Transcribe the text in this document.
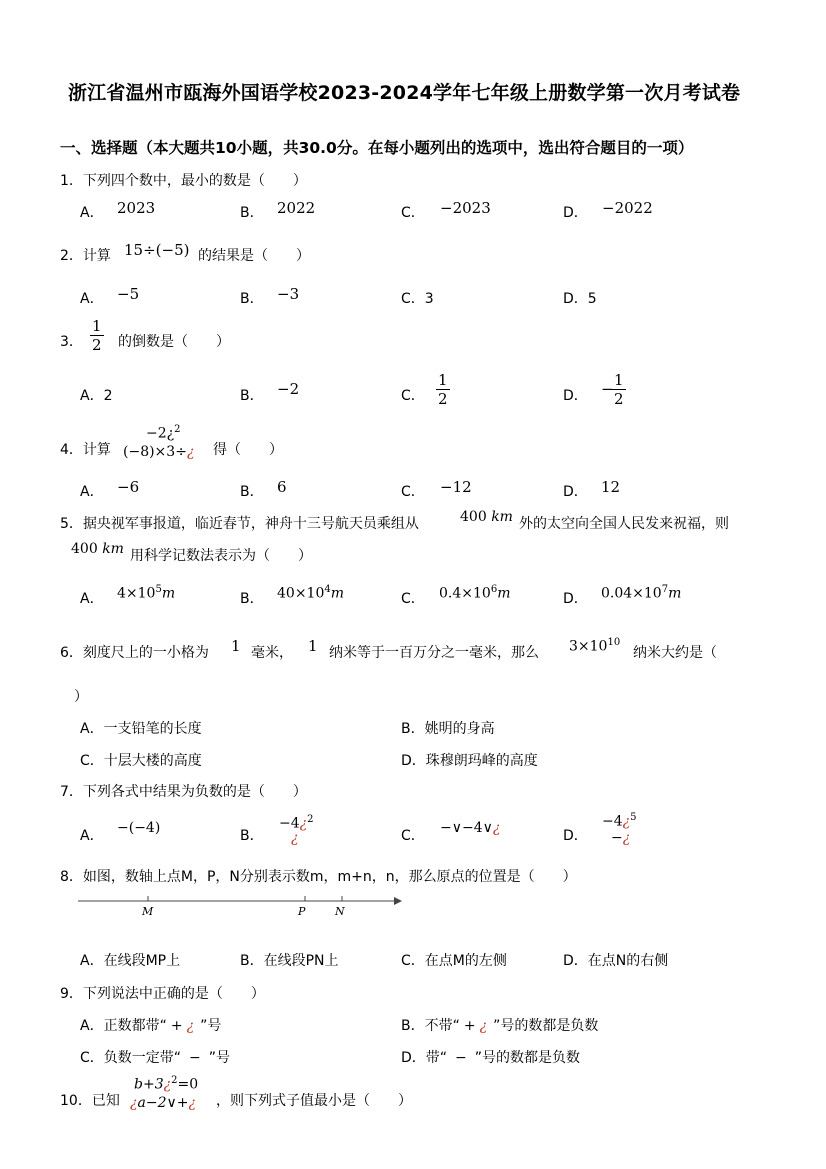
浙江省温州市瓯海外国语学校2023-2024学年七年级上册数学第一次月考试卷
一、选择题（本大题共10小题，共30.0分。在每小题列出的选项中，选出符合题目的一项）
1．下列四个数中，最小的数是（　　）
A． 2023	B． 2022	C． −2023	D． −2022
2．计算 15÷(−5) 的结果是（　　）
A． −5	B． −3	C．3	D．5
3． $\frac{1}{2}$ 的倒数是（　　）
A．2	B． −2	C． $\frac{1}{2}$	D． −
$\frac{1}{2}$
4．计算
−2¿$^2$
(−8)×3÷¿ 得（　　）
A． −6	B． 6	C． −12	D． 12
5．据央视军事报道，临近春节，神舟十三号航天员乘组从	400 km 外的太空向全国人民发来祝福，则
400 km 用科学记数法表示为（　　）
A． $4\times 10^5m$	B． $40\times 10^4m$	C． $0.4\times 10^6m$	D． $0.04\times 10^7m$
6．刻度尺上的一小格为 1 毫米， 1 纳米等于一百万分之一毫米，那么 $3\times 10^{10}$
纳米大约是（
）
A．一支铅笔的长度	B．姚明的身高
C．十层大楼的高度	D．珠穆朗玛峰的高度
7．下列各式中结果为负数的是（　　）
A． −(−4)	B．
−4¿$^2$
¿	C． −∨−4∨¿	D．
−4¿$^5$
−¿
8．如图，数轴上点M，P，N分别表示数m，m+n，n，那么原点的位置是（　　）
M	P	N
A．在线段MP上	B．在线段PN上	C．在点M的左侧	D．在点N的右侧
9．下列说法中正确的是（　　）
A．正数都带“ + ¿ ”号	B．不带“ + ¿ ”号的数都是负数
C．负数一定带“ − ”号	D．带“ − ”号的数都是负数
10．已知
b+3¿$^2$=0
¿a−2∨+¿ ，则下列式子值最小是（　　）
